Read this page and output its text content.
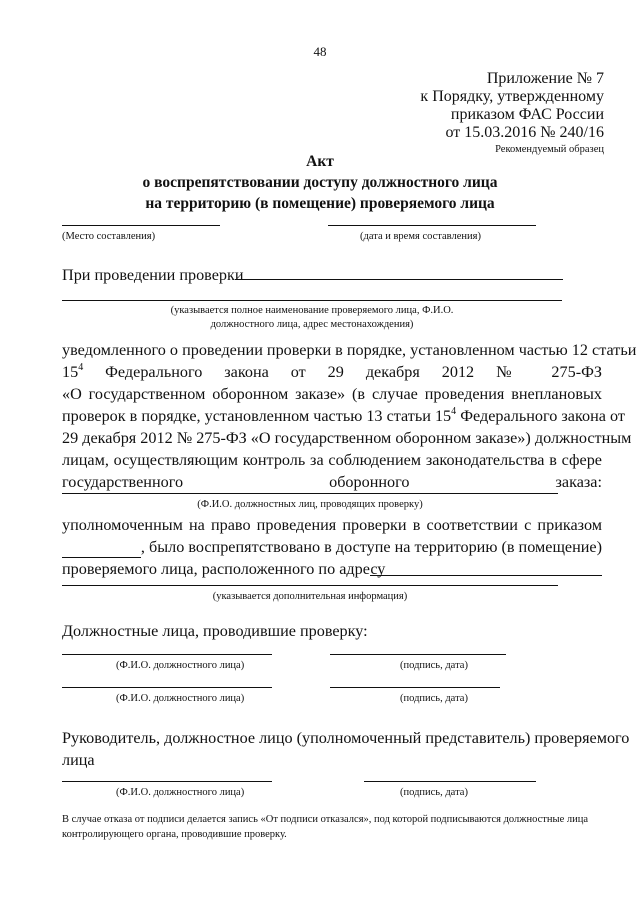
48
Приложение № 7
к Порядку, утвержденному
приказом ФАС России
от 15.03.2016 № 240/16
Рекомендуемый образец
Акт
о воспрепятствовании доступу должностного лица
на территорию (в помещение) проверяемого лица
(Место составления)	(дата и время составления)
При проведении проверки
(указывается полное наименование проверяемого лица, Ф.И.О.
должностного лица, адрес местонахождения)
уведомленного о проведении проверки в порядке, установленном частью 12 статьи
$15^4$ Федерального закона от 29 декабря 2012 № 275-ФЗ
«О государственном оборонном заказе» (в случае проведения внеплановых
проверок в порядке, установленном частью 13 статьи $15^4$ Федерального закона от
29 декабря 2012 № 275-ФЗ «О государственном оборонном заказе») должностным
лицам, осуществляющим контроль за соблюдением законодательства в сфере
государственного оборонного заказа:
(Ф.И.О. должностных лиц, проводящих проверку)
уполномоченным на право проведения проверки в соответствии с приказом
, было воспрепятствовано в доступе на территорию (в помещение)
проверяемого лица, расположенного по адресу
(указывается дополнительная информация)
Должностные лица, проводившие проверку:
(Ф.И.О. должностного лица)	(подпись, дата)
(Ф.И.О. должностного лица)	(подпись, дата)
Руководитель, должностное лицо (уполномоченный представитель) проверяемого
лица
(Ф.И.О. должностного лица)	(подпись, дата)
В случае отказа от подписи делается запись «От подписи отказался», под которой подписываются должностные лица контролирующего органа, проводившие проверку.
